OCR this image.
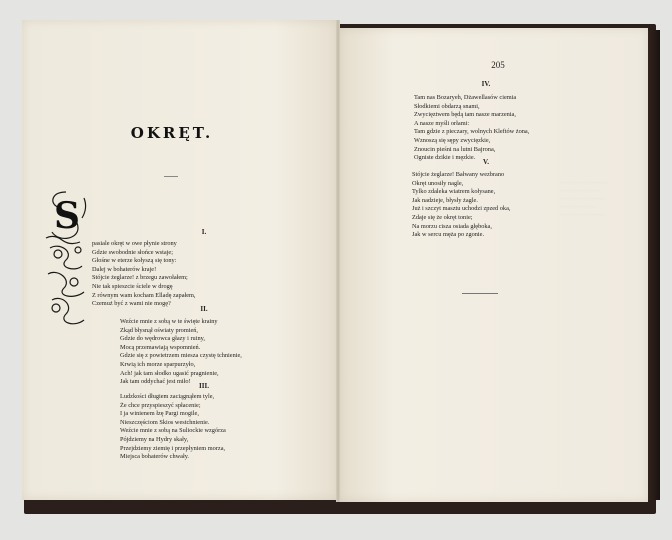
~~~~~~~~~~~~~~~
~~~~~~~~~~~~
~~~~~~~~~~~~~~
~~~~~~~~~~~
~~~~~~~~~~~~~~
OKRĘT.
S	I.
pasiale okręt w owe płynie strony
Gdzie swobodnie słońce wstaje;
Głośne w eterze kołyszą się tony:
Dalej w bohaterów kraje!
Stójcie żeglarze! z brzegu zawołałem;
Nie tak spieszcie ściele w drogę
Z równym wam kocham Elladę zapałem,
Czemuż być z wami nie mogę?
II.
Weźcie mnie z sobą w te święte krainy
Zkąd błysnął oświaty promień,
Gdzie do wędrowca głazy i ruiny,
Mocą przemawiają wspomnień.
Gdzie się z powietrzem miesza czystę tchnienie,
Krwią ich morze sparpurzyło,
Ach! jak tam słodko ugasić pragnienie,
Jak tam oddychać jest miło!
III.
Ludzkości długiem zaciągnąłem tyle,
Że chce przyspieszyć spłacenie;
I ja winienem łzę Pargi mogile,
Nieszczęściom Skios westchnienie.
Weźcie mnie z sobą na Suliockie wzgórza
Pójdziemy na Hydry skały,
Przejdziemy ziemię i przepłyniem morza,
Miejsca bohaterów chwały.
205
IV.
Tam nas Bozaryeh, Dżawellasów ciemia
Słodkiemi obdarzą snami,
Zwycięztwem będą tam nasze marzenia,
A nasze myśli orłami:
Tam gdzie z pieczary, wolnych Kleftów żona,
Wznoszą się sępy zwycięzkie,
Znoucin pieśni na lutni Bajrona,
Ogniste dzikie i męzkie.
V.
Stójcie żeglarze! Bałwany wezbrano
Okręt unosiły nagle,
Tylko zdaleka wiatrem kołysane,
Jak nadzieje, błysły żagle.
Już i szczyt masztu uchodzi zpzed oka,
Zdaje się że okręt tonie;
Na morzu cisza osiada głęboka,
Jak w sercu męża po zgonie.
